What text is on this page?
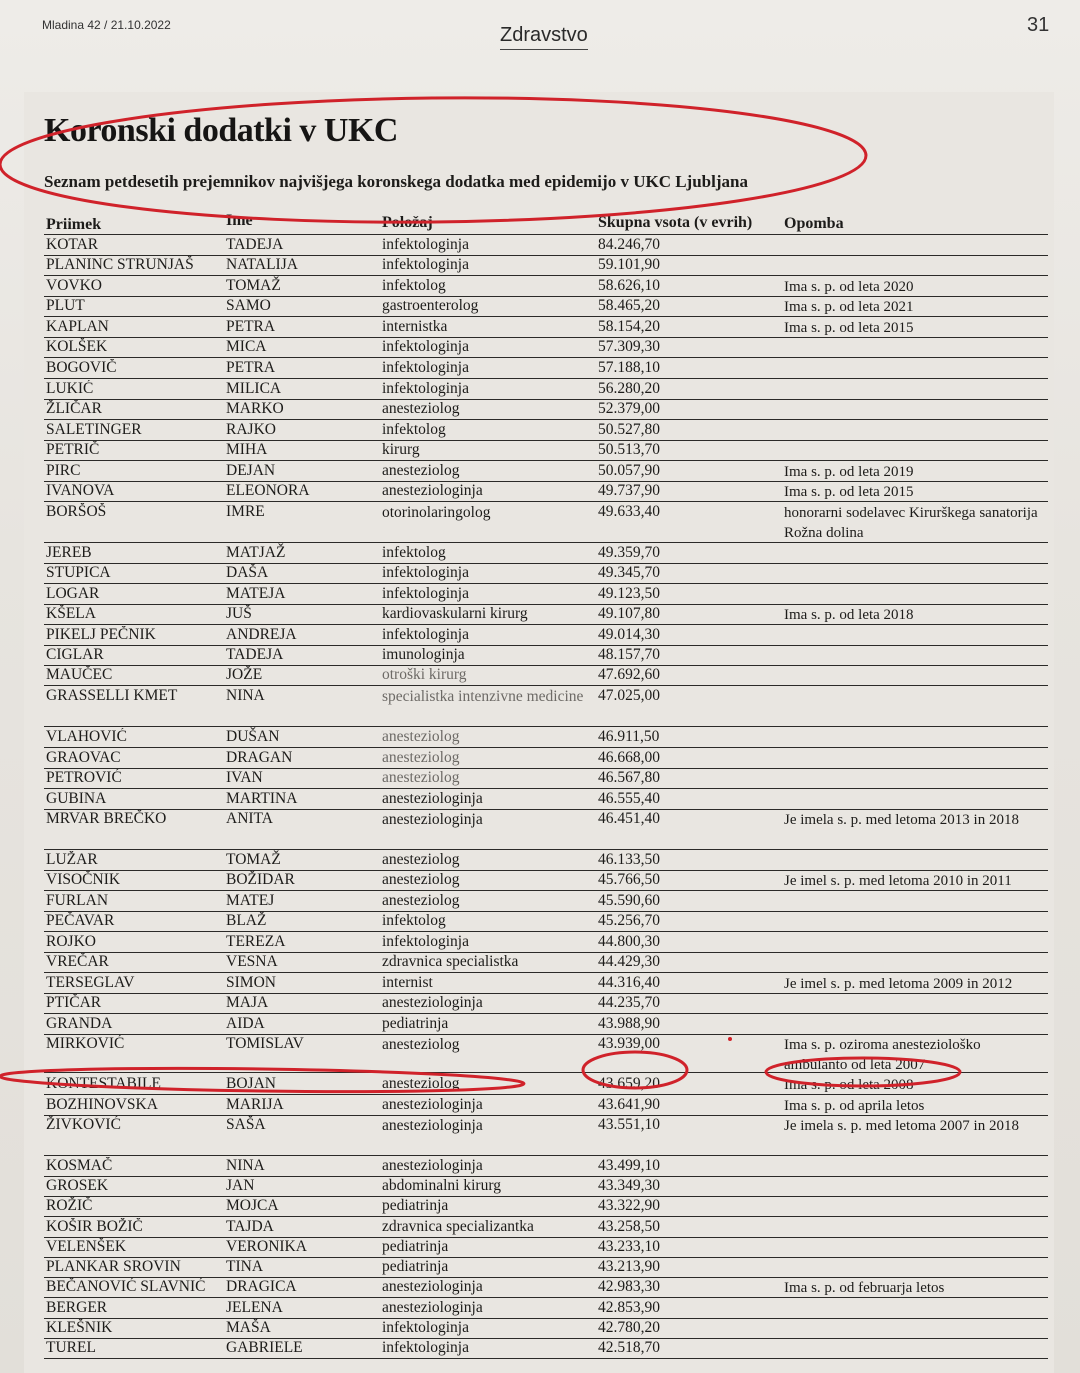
Mladina 42 / 21.10.2022	Zdravstvo	31
Koronski dodatki v UKC
Seznam petdesetih prejemnikov najvišjega koronskega dodatka med epidemijo v UKC Ljubljana
Priimek	Ime	Položaj	Skupna vsota (v evrih)	Opomba
KOTAR	TADEJA	infektologinja	84.246,70
PLANINC STRUNJAŠ	NATALIJA	infektologinja	59.101,90
VOVKO	TOMAŽ	infektolog	58.626,10	Ima s. p. od leta 2020
PLUT	SAMO	gastroenterolog	58.465,20	Ima s. p. od leta 2021
KAPLAN	PETRA	internistka	58.154,20	Ima s. p. od leta 2015
KOLŠEK	MICA	infektologinja	57.309,30
BOGOVIČ	PETRA	infektologinja	57.188,10
LUKIĆ	MILICA	infektologinja	56.280,20
ŽLIČAR	MARKO	anesteziolog	52.379,00
SALETINGER	RAJKO	infektolog	50.527,80
PETRIČ	MIHA	kirurg	50.513,70
PIRC	DEJAN	anesteziolog	50.057,90	Ima s. p. od leta 2019
IVANOVA	ELEONORA	anesteziologinja	49.737,90	Ima s. p. od leta 2015
BORŠOŠ	IMRE	otorinolaringolog	49.633,40	honorarni sodelavec Kirurškega sanatorija Rožna dolina
JEREB	MATJAŽ	infektolog	49.359,70
STUPICA	DAŠA	infektologinja	49.345,70
LOGAR	MATEJA	infektologinja	49.123,50
KŠELA	JUŠ	kardiovaskularni kirurg	49.107,80	Ima s. p. od leta 2018
PIKELJ PEČNIK	ANDREJA	infektologinja	49.014,30
CIGLAR	TADEJA	imunologinja	48.157,70
MAUČEC	JOŽE	otroški kirurg	47.692,60
GRASSELLI KMET	NINA	specialistka intenzivne medicine 47.025,00
VLAHOVIĆ	DUŠAN	anesteziolog	46.911,50
GRAOVAC	DRAGAN	anesteziolog	46.668,00
PETROVIĆ	IVAN	anesteziolog	46.567,80
GUBINA	MARTINA	anesteziologinja	46.555,40
MRVAR BREČKO	ANITA	anesteziologinja	46.451,40	Je imela s. p. med letoma 2013 in 2018
LUŽAR	TOMAŽ	anesteziolog	46.133,50
VISOČNIK	BOŽIDAR	anesteziolog	45.766,50	Je imel s. p. med letoma 2010 in 2011
FURLAN	MATEJ	anesteziolog	45.590,60
PEČAVAR	BLAŽ	infektolog	45.256,70
ROJKO	TEREZA	infektologinja	44.800,30
VREČAR	VESNA	zdravnica specialistka	44.429,30
TERSEGLAV	SIMON	internist	44.316,40	Je imel s. p. med letoma 2009 in 2012
PTIČAR	MAJA	anesteziologinja	44.235,70
GRANDA	AIDA	pediatrinja	43.988,90
MIRKOVIĆ	TOMISLAV	anesteziolog	43.939,00	Ima s. p. oziroma anesteziološko ambulanto od leta 2007
KONTESTABILE	BOJAN	anesteziolog	43.659,20	Ima s. p. od leta 2008
BOZHINOVSKA	MARIJA	anesteziologinja	43.641,90	Ima s. p. od aprila letos
ŽIVKOVIĆ	SAŠA	anesteziologinja	43.551,10	Je imela s. p. med letoma 2007 in 2018
KOSMAČ	NINA	anesteziologinja	43.499,10
GROSEK	JAN	abdominalni kirurg	43.349,30
ROŽIČ	MOJCA	pediatrinja	43.322,90
KOŠIR BOŽIČ	TAJDA	zdravnica specializantka	43.258,50
VELENŠEK	VERONIKA	pediatrinja	43.233,10
PLANKAR SROVIN	TINA	pediatrinja	43.213,90
BEČANOVIĆ SLAVNIĆ	DRAGICA	anesteziologinja	42.983,30	Ima s. p. od februarja letos
BERGER	JELENA	anesteziologinja	42.853,90
KLEŠNIK	MAŠA	infektologinja	42.780,20
TUREL	GABRIELE	infektologinja	42.518,70
